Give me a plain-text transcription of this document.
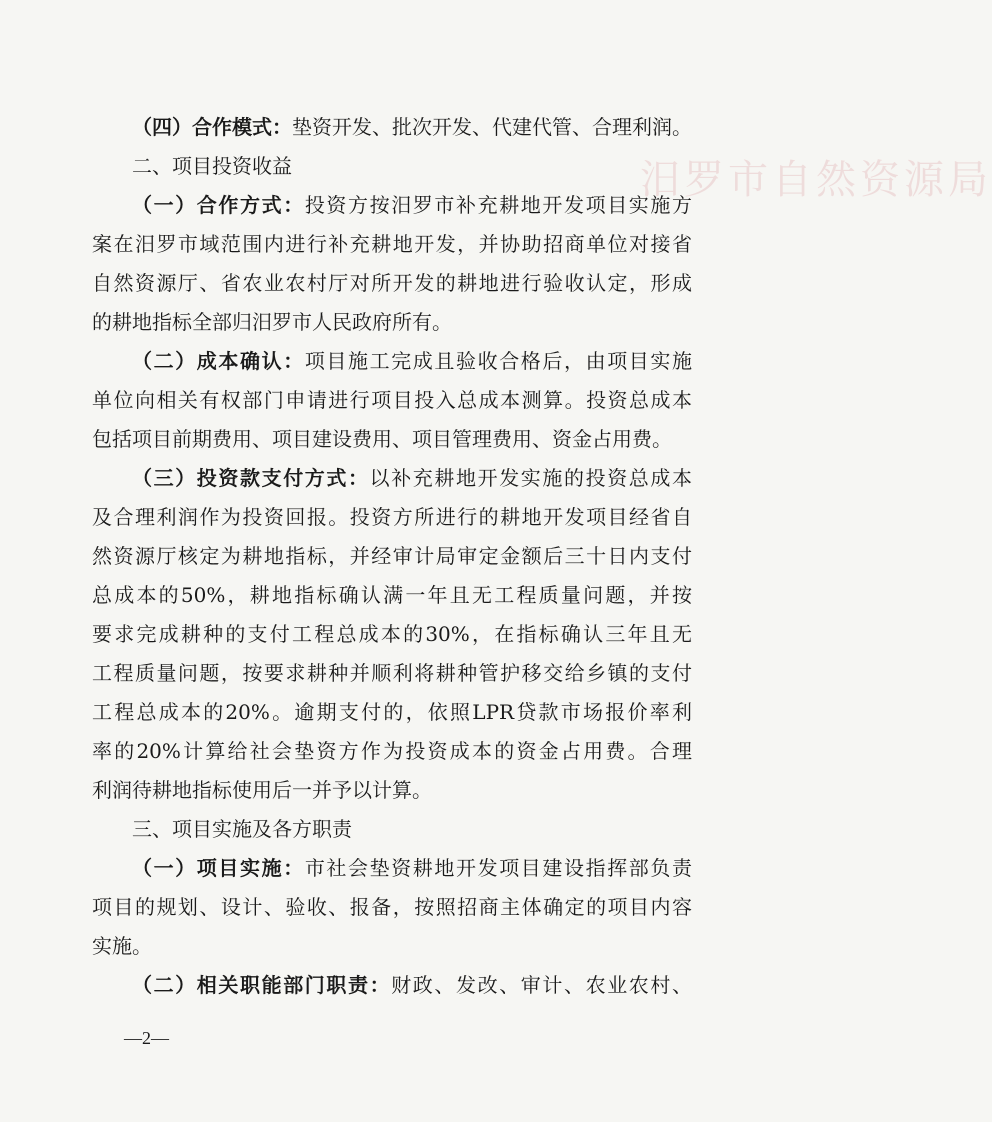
汨罗市自然资源局
（四）合作模式：垫资开发、批次开发、代建代管、合理利润。
二、项目投资收益
（一）合作方式：投资方按汨罗市补充耕地开发项目实施方
案在汨罗市域范围内进行补充耕地开发，并协助招商单位对接省
自然资源厅、省农业农村厅对所开发的耕地进行验收认定，形成
的耕地指标全部归汨罗市人民政府所有。
（二）成本确认：项目施工完成且验收合格后，由项目实施
单位向相关有权部门申请进行项目投入总成本测算。投资总成本
包括项目前期费用、项目建设费用、项目管理费用、资金占用费。
（三）投资款支付方式：以补充耕地开发实施的投资总成本
及合理利润作为投资回报。投资方所进行的耕地开发项目经省自
然资源厅核定为耕地指标，并经审计局审定金额后三十日内支付
总成本的50%，耕地指标确认满一年且无工程质量问题，并按
要求完成耕种的支付工程总成本的30%，在指标确认三年且无
工程质量问题，按要求耕种并顺利将耕种管护移交给乡镇的支付
工程总成本的20%。逾期支付的，依照LPR贷款市场报价率利
率的20%计算给社会垫资方作为投资成本的资金占用费。合理
利润待耕地指标使用后一并予以计算。
三、项目实施及各方职责
（一）项目实施：市社会垫资耕地开发项目建设指挥部负责
项目的规划、设计、验收、报备，按照招商主体确定的项目内容
实施。
（二）相关职能部门职责：财政、发改、审计、农业农村、
—2—
